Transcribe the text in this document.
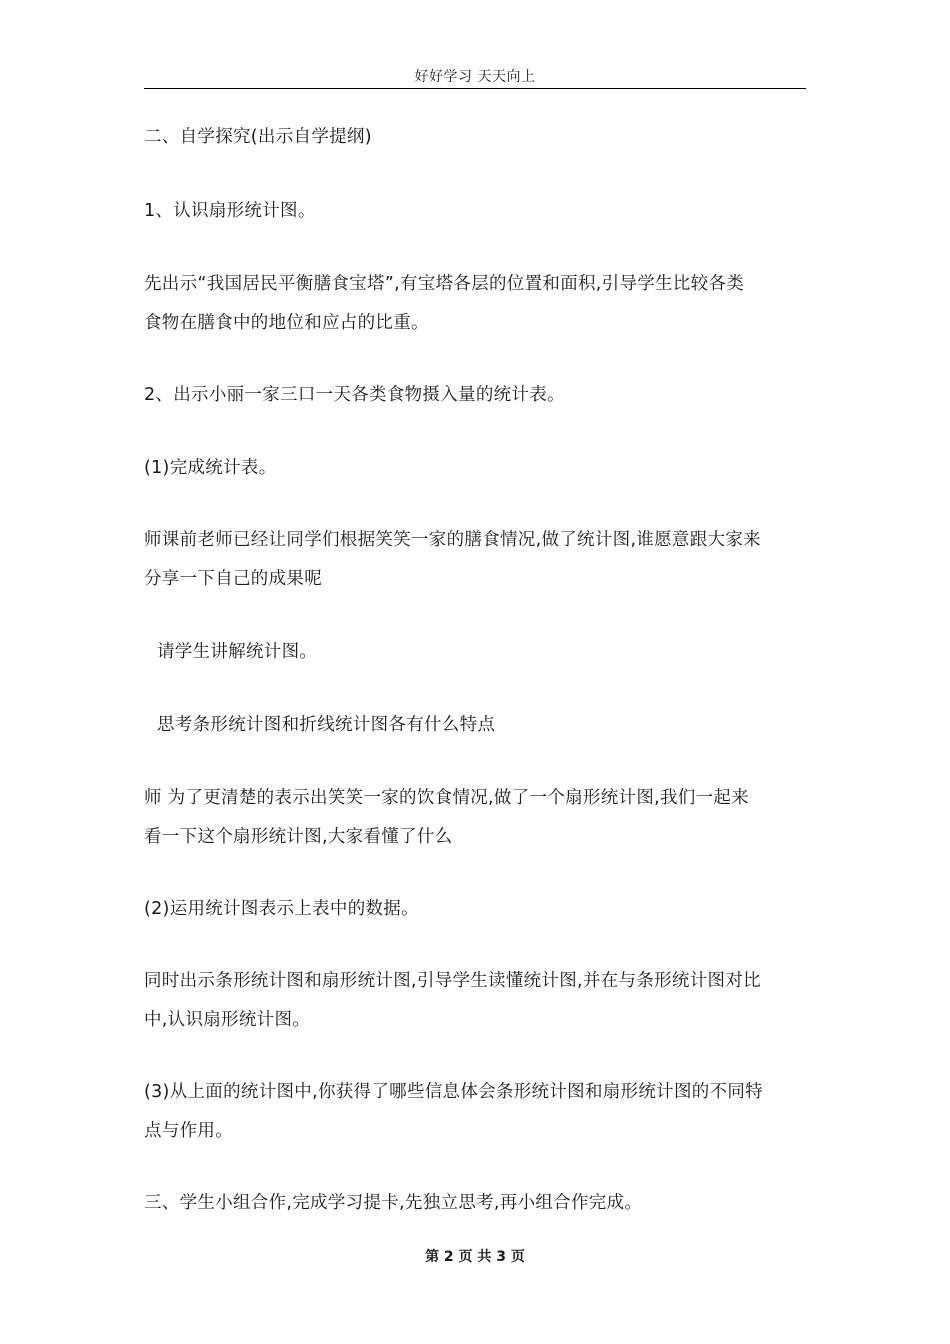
好好学习 天天向上

二、自学探究(出示自学提纲)

1、认识扇形统计图。

先出示“我国居民平衡膳食宝塔”,有宝塔各层的位置和面积,引导学生比较各类

食物在膳食中的地位和应占的比重。

2、出示小丽一家三口一天各类食物摄入量的统计表。

(1)完成统计表。

师课前老师已经让同学们根据笑笑一家的膳食情况,做了统计图,谁愿意跟大家来

分享一下自己的成果呢

请学生讲解统计图。

思考条形统计图和折线统计图各有什么特点

师 为了更清楚的表示出笑笑一家的饮食情况,做了一个扇形统计图,我们一起来

看一下这个扇形统计图,大家看懂了什么

(2)运用统计图表示上表中的数据。

同时出示条形统计图和扇形统计图,引导学生读懂统计图,并在与条形统计图对比

中,认识扇形统计图。

(3)从上面的统计图中,你获得了哪些信息体会条形统计图和扇形统计图的不同特

点与作用。

三、学生小组合作,完成学习提卡,先独立思考,再小组合作完成。

第 2 页 共 3 页
